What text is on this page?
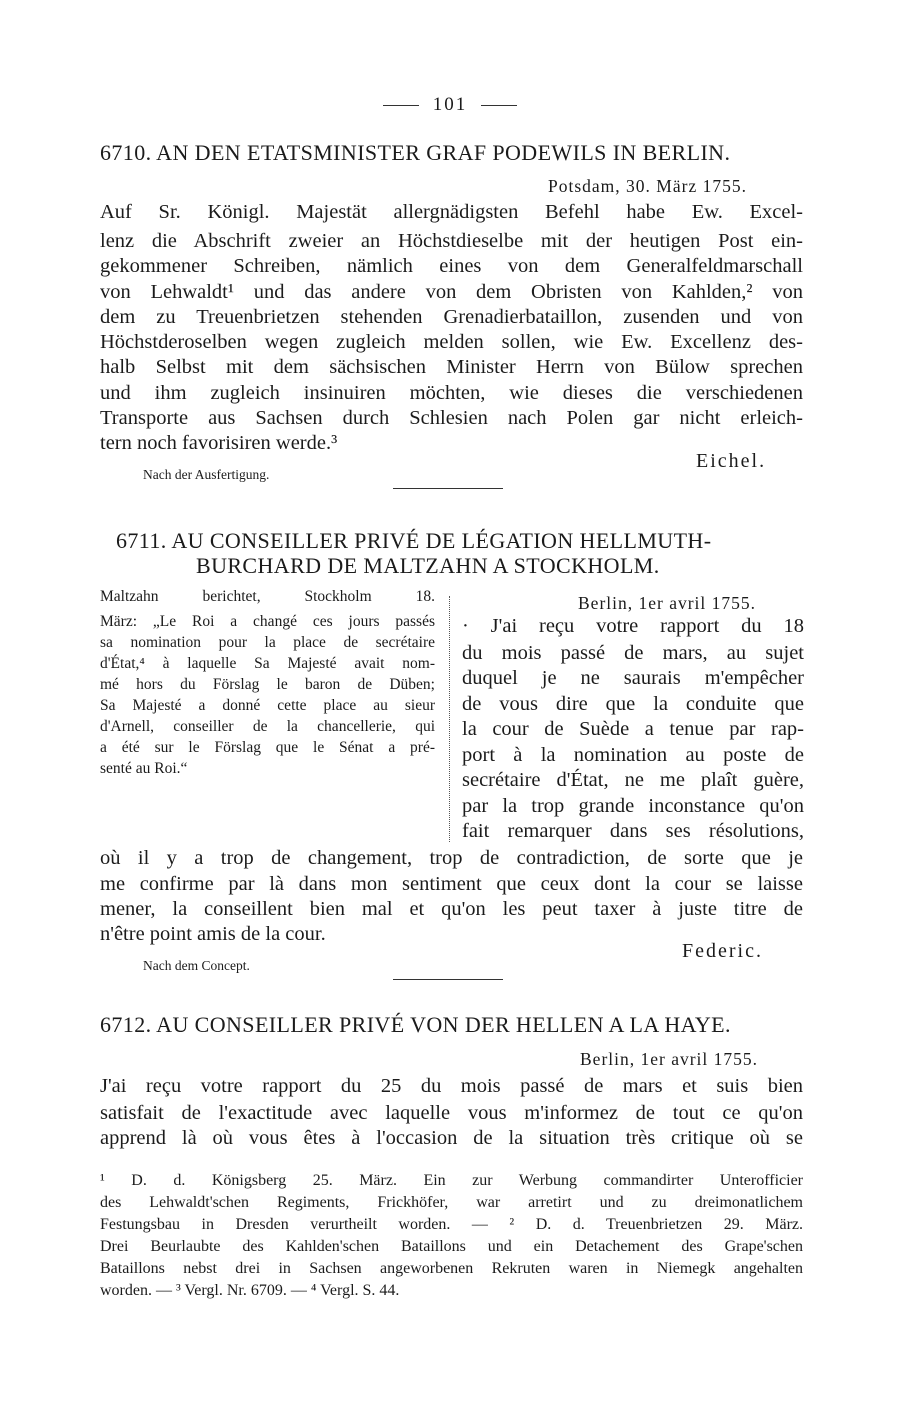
101
6710. AN DEN ETATSMINISTER GRAF PODEWILS IN BERLIN.
Potsdam, 30. März 1755.
Auf Sr. Königl. Majestät allergnädigsten Befehl habe Ew. Excel-
lenz die Abschrift zweier an Höchstdieselbe mit der heutigen Post ein-
gekommener Schreiben, nämlich eines von dem Generalfeldmarschall
von Lehwaldt¹ und das andere von dem Obristen von Kahlden,² von
dem zu Treuenbrietzen stehenden Grenadierbataillon, zusenden und von
Höchstderoselben wegen zugleich melden sollen, wie Ew. Excellenz des-
halb Selbst mit dem sächsischen Minister Herrn von Bülow sprechen
und ihm zugleich insinuiren möchten, wie dieses die verschiedenen
Transporte aus Sachsen durch Schlesien nach Polen gar nicht erleich-
tern noch favorisiren werde.³
Eichel.
Nach der Ausfertigung.
6711. AU CONSEILLER PRIVÉ DE LÉGATION HELLMUTH-
BURCHARD DE MALTZAHN A STOCKHOLM.
Maltzahn berichtet, Stockholm 18.
März: „Le Roi a changé ces jours passés
sa nomination pour la place de secrétaire
d'État,⁴ à laquelle Sa Majesté avait nom-
mé hors du Förslag le baron de Düben;
Sa Majesté a donné cette place au sieur
d'Arnell, conseiller de la chancellerie, qui
a été sur le Förslag que le Sénat a pré-
senté au Roi.“
Berlin, 1er avril 1755.
· J'ai reçu votre rapport du 18
du mois passé de mars, au sujet
duquel je ne saurais m'empêcher
de vous dire que la conduite que
la cour de Suède a tenue par rap-
port à la nomination au poste de
secrétaire d'État, ne me plaît guère,
par la trop grande inconstance qu'on
fait remarquer dans ses résolutions,
où il y a trop de changement, trop de contradiction, de sorte que je
me confirme par là dans mon sentiment que ceux dont la cour se laisse
mener, la conseillent bien mal et qu'on les peut taxer à juste titre de
n'être point amis de la cour.
Federic.
Nach dem Concept.
6712. AU CONSEILLER PRIVÉ VON DER HELLEN A LA HAYE.
Berlin, 1er avril 1755.
J'ai reçu votre rapport du 25 du mois passé de mars et suis bien
satisfait de l'exactitude avec laquelle vous m'informez de tout ce qu'on
apprend là où vous êtes à l'occasion de la situation très critique où se
¹ D. d. Königsberg 25. März. Ein zur Werbung commandirter Unterofficier
des Lehwaldt'schen Regiments, Frickhöfer, war arretirt und zu dreimonatlichem
Festungsbau in Dresden verurtheilt worden. — ² D. d. Treuenbrietzen 29. März.
Drei Beurlaubte des Kahlden'schen Bataillons und ein Detachement des Grape'schen
Bataillons nebst drei in Sachsen angeworbenen Rekruten waren in Niemegk angehalten
worden. — ³ Vergl. Nr. 6709. — ⁴ Vergl. S. 44.
